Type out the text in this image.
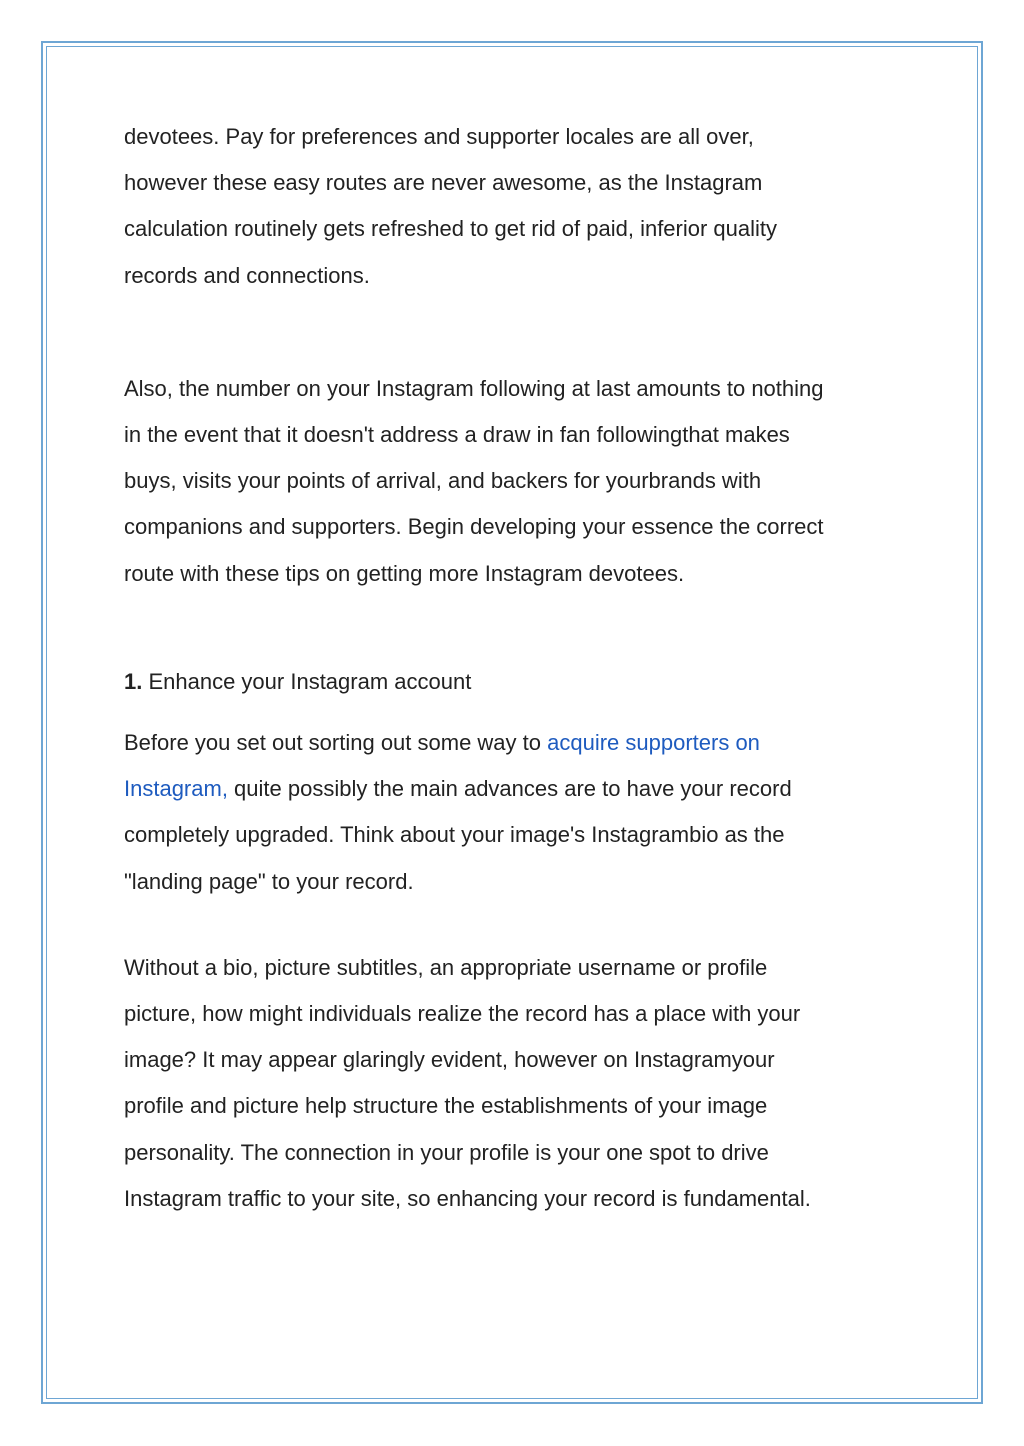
devotees. Pay for preferences and supporter locales are all over,
however these easy routes are never awesome, as the Instagram
calculation routinely gets refreshed to get rid of paid, inferior quality
records and connections.
Also, the number on your Instagram following at last amounts to nothing
in the event that it doesn't address a draw in fan followingthat makes
buys, visits your points of arrival, and backers for yourbrands with
companions and supporters. Begin developing your essence the correct
route with these tips on getting more Instagram devotees.
1. Enhance your Instagram account
Before you set out sorting out some way to acquire supporters on
Instagram, quite possibly the main advances are to have your record
completely upgraded. Think about your image's Instagrambio as the
"landing page" to your record.
Without a bio, picture subtitles, an appropriate username or profile
picture, how might individuals realize the record has a place with your
image? It may appear glaringly evident, however on Instagramyour
profile and picture help structure the establishments of your image
personality. The connection in your profile is your one spot to drive
Instagram traffic to your site, so enhancing your record is fundamental.
